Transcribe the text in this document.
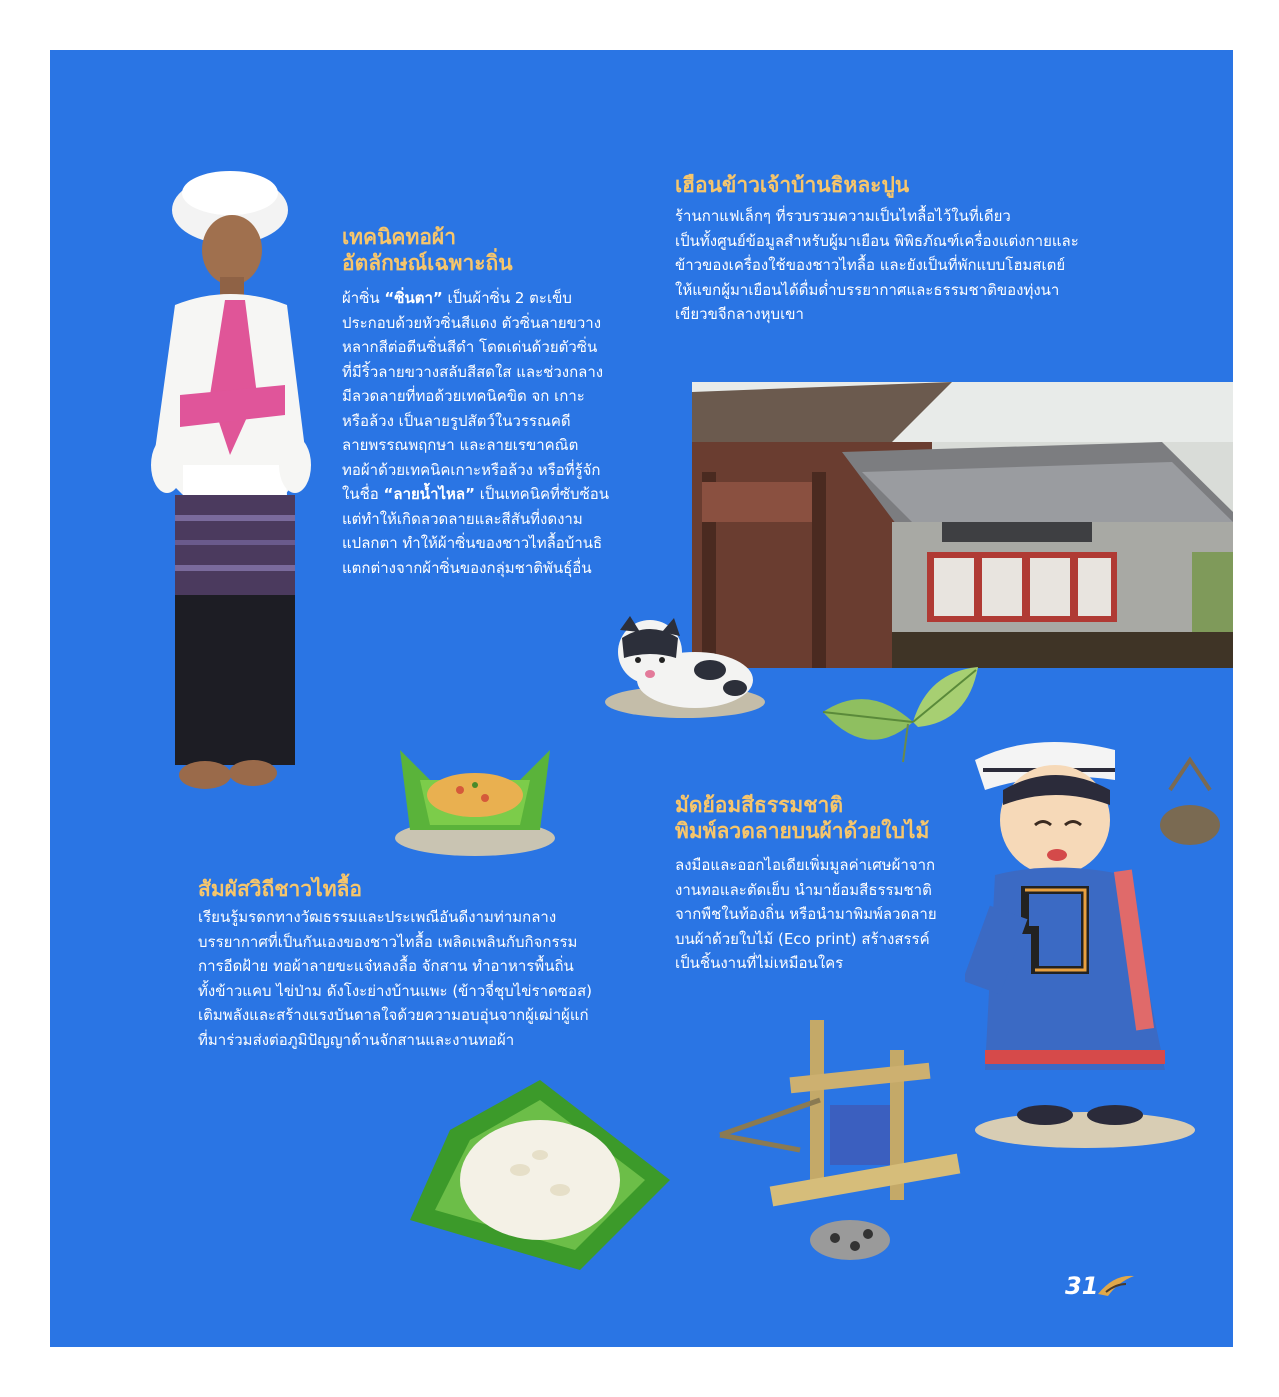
เทคนิคทอผ้า
อัตลักษณ์เฉพาะถิ่น
ผ้าซิ่น “ซิ่นตา” เป็นผ้าซิ่น 2 ตะเข็บ
ประกอบด้วยหัวซิ่นสีแดง ตัวซิ่นลายขวาง
หลากสีต่อตีนซิ่นสีดำ โดดเด่นด้วยตัวซิ่น
ที่มีริ้วลายขวางสลับสีสดใส และช่วงกลาง
มีลวดลายที่ทอด้วยเทคนิคขิด จก เกาะ
หรือล้วง เป็นลายรูปสัตว์ในวรรณคดี
ลายพรรณพฤกษา และลายเรขาคณิต
ทอผ้าด้วยเทคนิคเกาะหรือล้วง หรือที่รู้จัก
ในชื่อ “ลายน้ำไหล” เป็นเทคนิคที่ซับซ้อน
แต่ทำให้เกิดลวดลายและสีสันที่งดงาม
แปลกตา ทำให้ผ้าซิ่นของชาวไทลื้อบ้านธิ
แตกต่างจากผ้าซิ่นของกลุ่มชาติพันธุ์อื่น
เฮือนข้าวเจ้าบ้านธิหละปูน
ร้านกาแฟเล็กๆ ที่รวบรวมความเป็นไทลื้อไว้ในที่เดียว
เป็นทั้งศูนย์ข้อมูลสำหรับผู้มาเยือน พิพิธภัณฑ์เครื่องแต่งกายและ
ข้าวของเครื่องใช้ของชาวไทลื้อ และยังเป็นที่พักแบบโฮมสเตย์
ให้แขกผู้มาเยือนได้ดื่มด่ำบรรยากาศและธรรมชาติของทุ่งนา
เขียวขจีกลางหุบเขา
มัดย้อมสีธรรมชาติ
พิมพ์ลวดลายบนผ้าด้วยใบไม้
ลงมือและออกไอเดียเพิ่มมูลค่าเศษผ้าจาก
งานทอและตัดเย็บ นำมาย้อมสีธรรมชาติ
จากพืชในท้องถิ่น หรือนำมาพิมพ์ลวดลาย
บนผ้าด้วยใบไม้ (Eco print) สร้างสรรค์
เป็นชิ้นงานที่ไม่เหมือนใคร
สัมผัสวิถีชาวไทลื้อ
เรียนรู้มรดกทางวัฒธรรมและประเพณีอันดีงามท่ามกลาง
บรรยากาศที่เป็นกันเองของชาวไทลื้อ เพลิดเพลินกับกิจกรรม
การอีดฝ้าย ทอผ้าลายขะแจ๋หลงลื้อ จักสาน ทำอาหารพื้นถิ่น
ทั้งข้าวแคบ ไข่ป่าม ดังโงะย่างบ้านแพะ (ข้าวจี่ชุบไข่ราดซอส)
เติมพลังและสร้างแรงบันดาลใจด้วยความอบอุ่นจากผู้เฒ่าผู้แก่
ที่มาร่วมส่งต่อภูมิปัญญาด้านจักสานและงานทอผ้า
31
